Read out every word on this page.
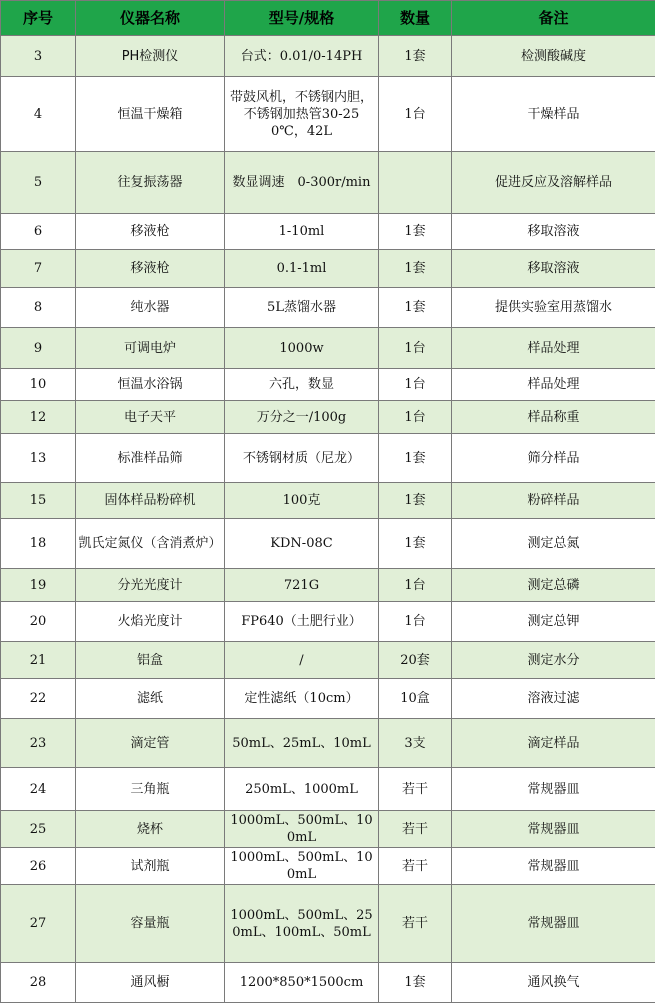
序号	仪器名称	型号/规格	数量	备注
3	PH检测仪	台式：0.01/0-14PH	1套	检测酸碱度
4	恒温干燥箱	带鼓风机，不锈钢内胆，不锈钢加热管30-250℃，42L	1台	干燥样品
5	往复振荡器	数显调速　0-300r/min		促进反应及溶解样品
6	移液枪	1-10ml	1套	移取溶液
7	移液枪	0.1-1ml	1套	移取溶液
8	纯水器	5L蒸馏水器	1套	提供实验室用蒸馏水
9	可调电炉	1000w	1台	样品处理
10	恒温水浴锅	六孔，数显	1台	样品处理
12	电子天平	万分之一/100g	1台	样品称重
13	标准样品筛	不锈钢材质（尼龙）	1套	筛分样品
15	固体样品粉碎机	100克	1套	粉碎样品
18	凯氏定氮仪（含消煮炉）	KDN-08C	1套	测定总氮
19	分光光度计	721G	1台	测定总磷
20	火焰光度计	FP640（土肥行业）	1台	测定总钾
21	铝盒	/	20套	测定水分
22	滤纸	定性滤纸（10cm）	10盒	溶液过滤
23	滴定管	50mL、25mL、10mL	3支	滴定样品
24	三角瓶	250mL、1000mL	若干	常规器皿
25	烧杯	1000mL、500mL、100mL	若干	常规器皿
26	试剂瓶	1000mL、500mL、100mL	若干	常规器皿
27	容量瓶	1000mL、500mL、250mL、100mL、50mL	若干	常规器皿
28	通风橱	1200*850*1500cm	1套	通风换气
